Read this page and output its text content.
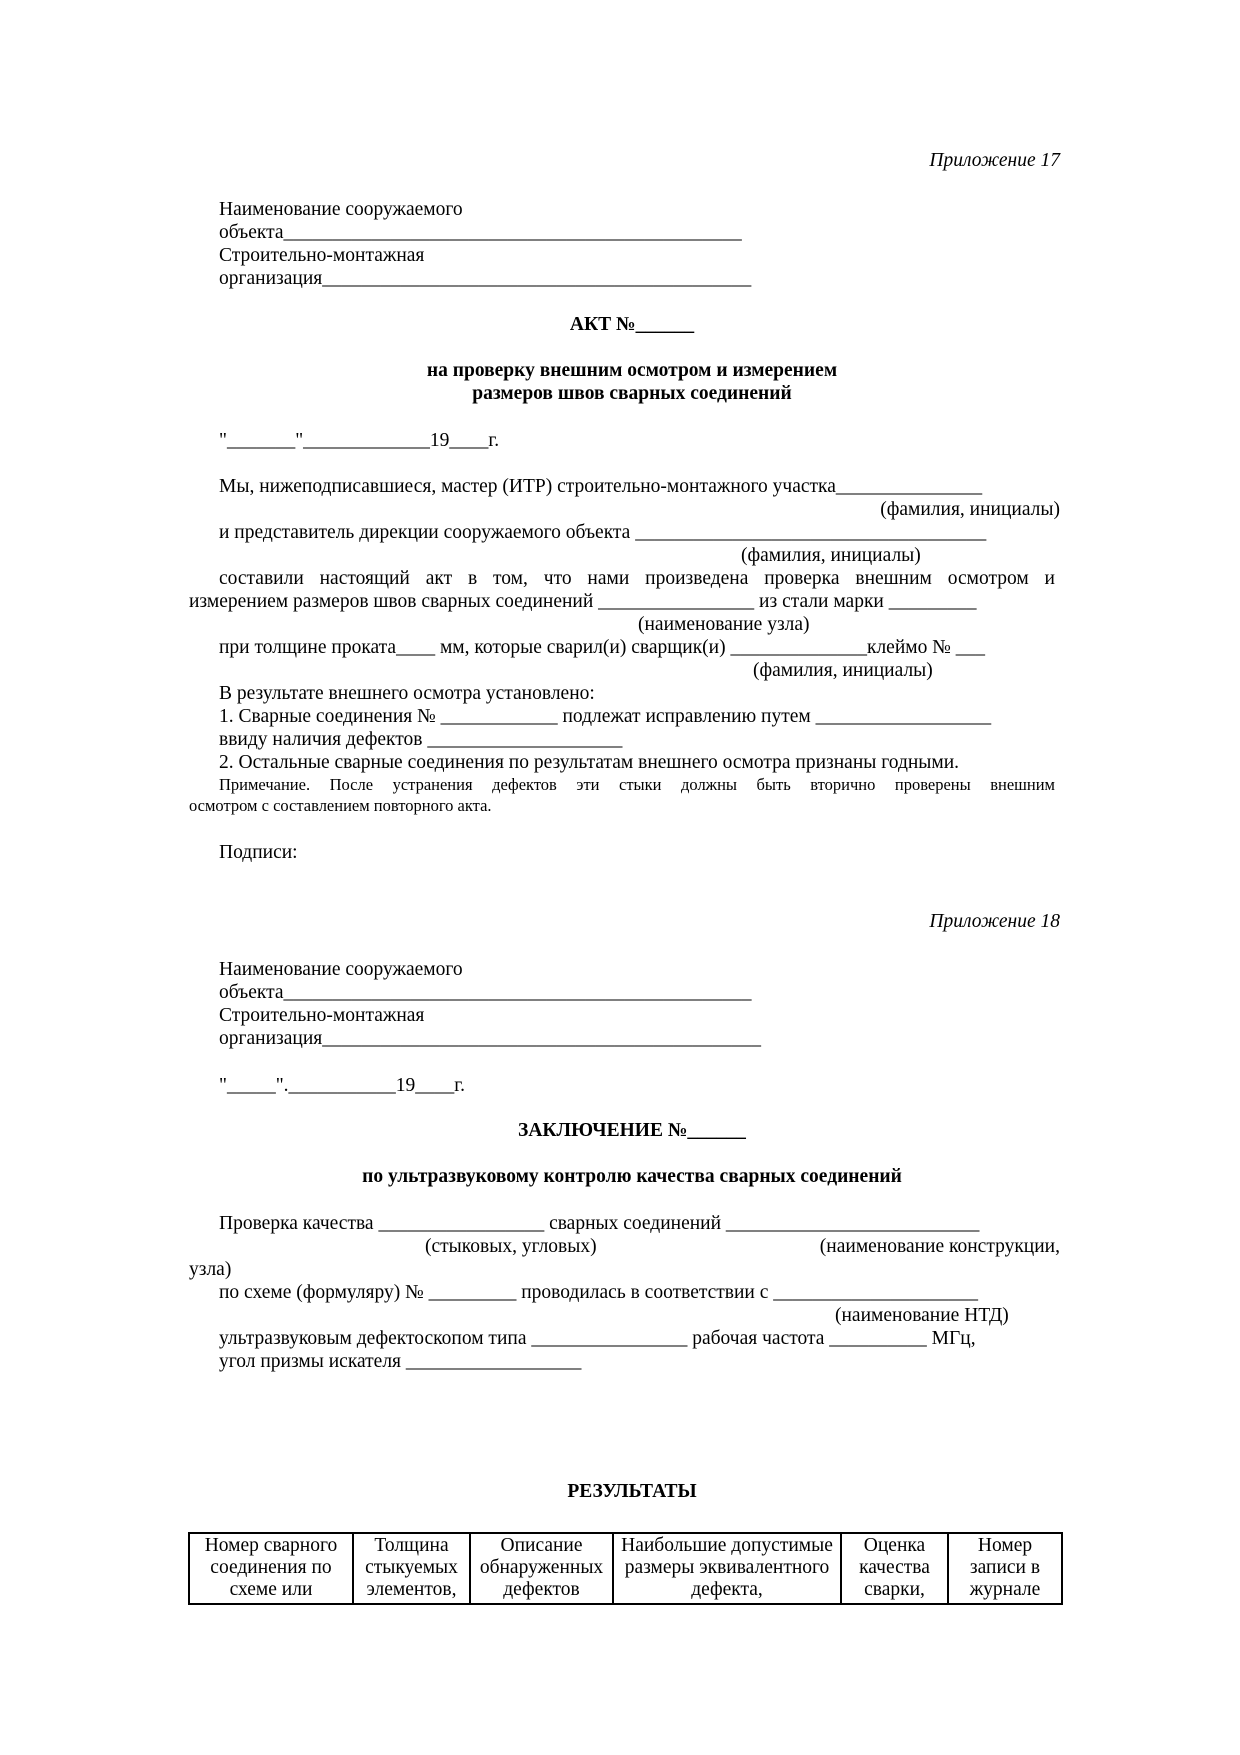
Приложение 17

Наименование сооружаемого

объекта_______________________________________________

Строительно-монтажная

организация____________________________________________

АКТ №______

на проверку внешним осмотром и измерением

размеров швов сварных соединений

"_______"_____________19____г.

Мы, нижеподписавшиеся, мастер (ИТР) строительно-монтажного участка_______________

(фамилия, инициалы)

и представитель дирекции сооружаемого объекта ____________________________________

(фамилия, инициалы)

составили настоящий акт в том, что нами произведена проверка внешним осмотром и

измерением размеров швов сварных соединений ________________ из стали марки _________

(наименование узла)

при толщине проката____ мм, которые сварил(и) сварщик(и) ______________клеймо № ___

(фамилия, инициалы)

В результате внешнего осмотра установлено:

1. Сварные соединения № ____________ подлежат исправлению путем __________________

ввиду наличия дефектов ____________________

2. Остальные сварные соединения по результатам внешнего осмотра признаны годными.

Примечание. После устранения дефектов эти стыки должны быть вторично проверены внешним

осмотром с составлением повторного акта.

Подписи:

Приложение 18

Наименование сооружаемого

объекта________________________________________________

Строительно-монтажная

организация_____________________________________________

"_____".___________19____г.

ЗАКЛЮЧЕНИЕ №______

по ультразвуковому контролю качества сварных соединений

Проверка качества _________________ сварных соединений __________________________

(стыковых, угловых)	(наименование конструкции,

узла)

по схеме (формуляру) № _________ проводилась в соответствии с _____________________

(наименование НТД)

ультразвуковым дефектоскопом типа ________________ рабочая частота __________ МГц,

угол призмы искателя __________________

РЕЗУЛЬТАТЫ

Номер сварного соединения по схеме или	Толщина стыкуемых элементов,	Описание обнаруженных дефектов	Наибольшие допустимые размеры эквивалентного дефекта,	Оценка качества сварки,	Номер записи в журнале
